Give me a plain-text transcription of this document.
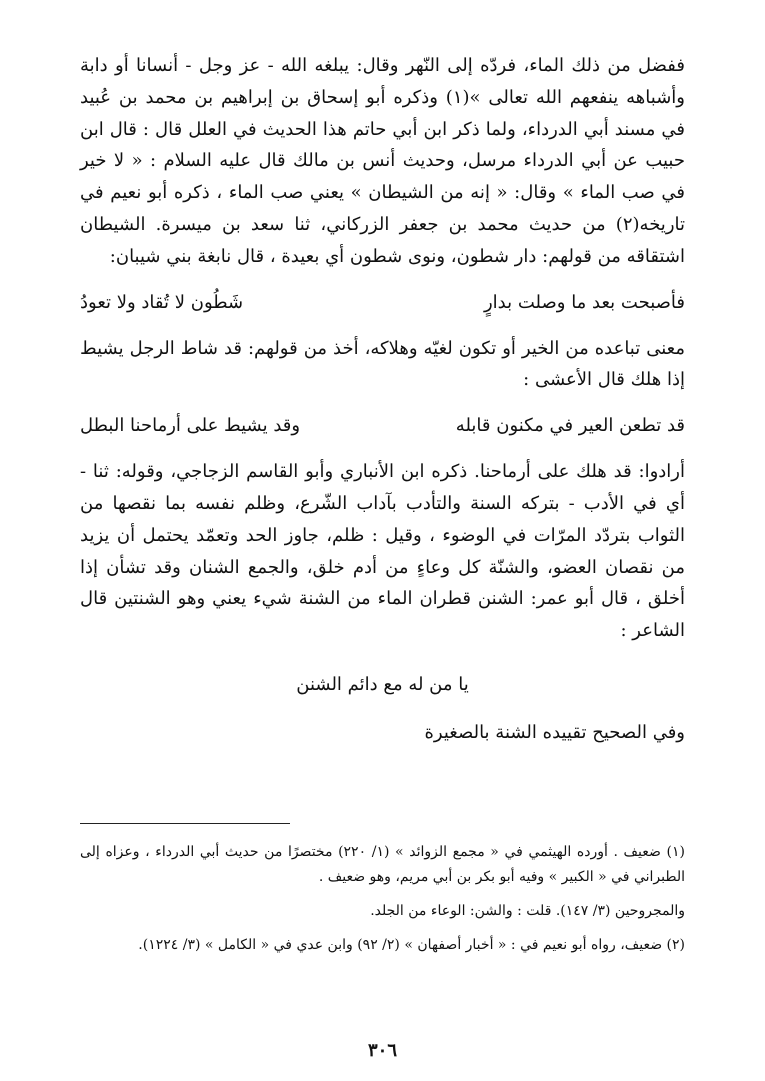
ففضل من ذلك الماء، فردّه إلى النّهر وقال: يبلغه الله - عز وجل - أنسانا أو دابة وأشباهه ينفعهم الله تعالى »(١) وذكره أبو إسحاق بن إبراهيم بن محمد بن عُبيد في مسند أبي الدرداء، ولما ذكر ابن أبي حاتم هذا الحديث في العلل قال : قال ابن حبيب عن أبي الدرداء مرسل، وحديث أنس بن مالك قال عليه السلام : « لا خير في صب الماء » وقال: « إنه من الشيطان » يعني صب الماء ، ذكره أبو نعيم في تاريخه(٢) من حديث محمد بن جعفر الزركاني، ثنا سعد بن ميسرة. الشيطان اشتقاقه من قولهم: دار شطون، ونوى شطون أي بعيدة ، قال نابغة بني شيبان:

فأصبحت بعد ما وصلت بدارٍ
شَطُون لا تُقاد ولا تعودُ

معنى تباعده من الخير أو تكون لغيّه وهلاكه، أخذ من قولهم: قد شاط الرجل يشيط إذا هلك قال الأعشى :

قد تطعن العير في مكنون قابله
وقد يشيط على أرماحنا البطل

أرادوا: قد هلك على أرماحنا. ذكره ابن الأنباري وأبو القاسم الزجاجي، وقوله: ثنا - أي في الأدب - بتركه السنة والتأدب بآداب الشّرع، وظلم نفسه بما نقصها من الثواب بتردّد المرّات في الوضوء ، وقيل : ظلم، جاوز الحد وتعمّد يحتمل أن يزيد من نقصان العضو، والشنّة كل وعاءٍ من أدم خلق، والجمع الشنان وقد تشأن إذا أخلق ، قال أبو عمر: الشنن قطران الماء من الشنة شيء يعني وهو الشنتين قال الشاعر :

يا من له مع دائم الشنن

وفي الصحيح تقييده الشنة بالصغيرة

(١) ضعيف . أورده الهيثمي في « مجمع الزوائد » (١/ ٢٢٠) مختصرًا من حديث أبي الدرداء ، وعزاه إلى الطبراني في « الكبير » وفيه أبو بكر بن أبي مريم، وهو ضعيف .

والمجروحين (٣/ ١٤٧). قلت : والشن: الوعاء من الجلد.

(٢) ضعيف، رواه أبو نعيم في : « أخبار أصفهان » (٢/ ٩٢) وابن عدي في « الكامل » (٣/ ١٢٢٤).

٣٠٦
